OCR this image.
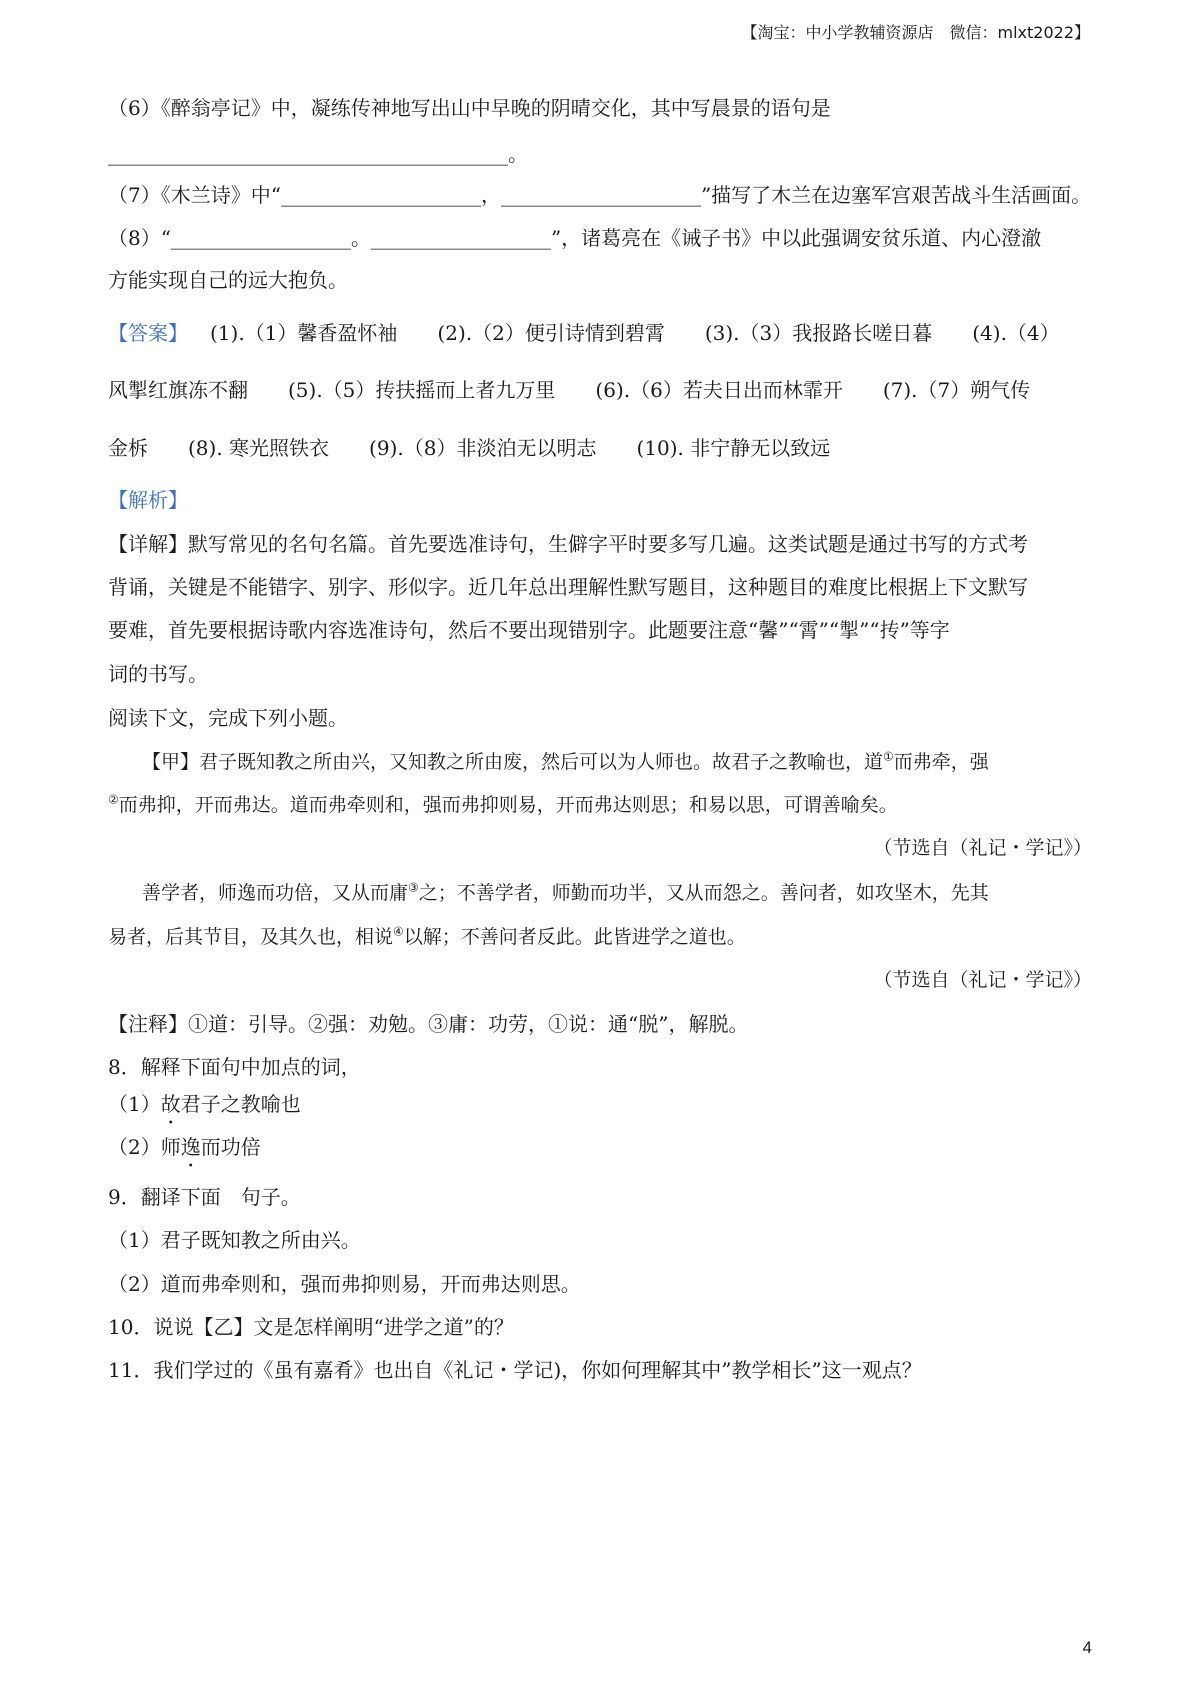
【淘宝：中小学教辅资源店　微信：mlxt2022】
（6）《醉翁亭记》中，凝练传神地写出山中早晚的阴晴交化，其中写晨景的语句是
________________________________________。
（7）《木兰诗》中“____________________，____________________”描写了木兰在边塞军宫艰苦战斗生活画面。
（8）“__________________。__________________”，诸葛亮在《诫子书》中以此强调安贫乐道、内心澄澈
方能实现自己的远大抱负。
【答案】 (1).（1）馨香盈怀袖　　(2).（2）便引诗情到碧霄　　(3).（3）我报路长嗟日暮　　(4).（4）
风掣红旗冻不翻　　(5).（5）抟扶摇而上者九万里　　(6).（6）若夫日出而林霏开　　(7).（7）朔气传
金柝　　(8). 寒光照铁衣　　(9).（8）非淡泊无以明志　　(10). 非宁静无以致远
【解析】
【详解】默写常见的名句名篇。首先要选准诗句，生僻字平时要多写几遍。这类试题是通过书写的方式考
背诵，关键是不能错字、别字、形似字。近几年总出理解性默写题目，这种题目的难度比根据上下文默写
要难，首先要根据诗歌内容选准诗句，然后不要出现错别字。此题要注意“馨”“霄”“掣”“抟”等字
词的书写。
阅读下文，完成下列小题。
【甲】君子既知教之所由兴，又知教之所由废，然后可以为人师也。故君子之教喻也，道①而弗牵，强
②而弗抑，开而弗达。道而弗牵则和，强而弗抑则易，开而弗达则思；和易以思，可谓善喻矣。
（节选自（礼记・学记》）
善学者，师逸而功倍，又从而庸③之；不善学者，师勤而功半，又从而怨之。善问者，如攻坚木，先其
易者，后其节目，及其久也，相说④以解；不善问者反此。此皆进学之道也。
（节选自（礼记・学记》）
【注释】①道：引导。②强：劝勉。③庸：功劳，①说：通“脱”，解脱。
8．解释下面句中加点的词，
（1）故君子之教喻也
（2）师逸而功倍
9．翻译下面　句子。
（1）君子既知教之所由兴。
（2）道而弗牵则和，强而弗抑则易，开而弗达则思。
10．说说【乙】文是怎样阐明“进学之道”的？
11．我们学过的《虽有嘉肴》也出自《礼记・学记)，你如何理解其中”教学相长”这一观点？
4
